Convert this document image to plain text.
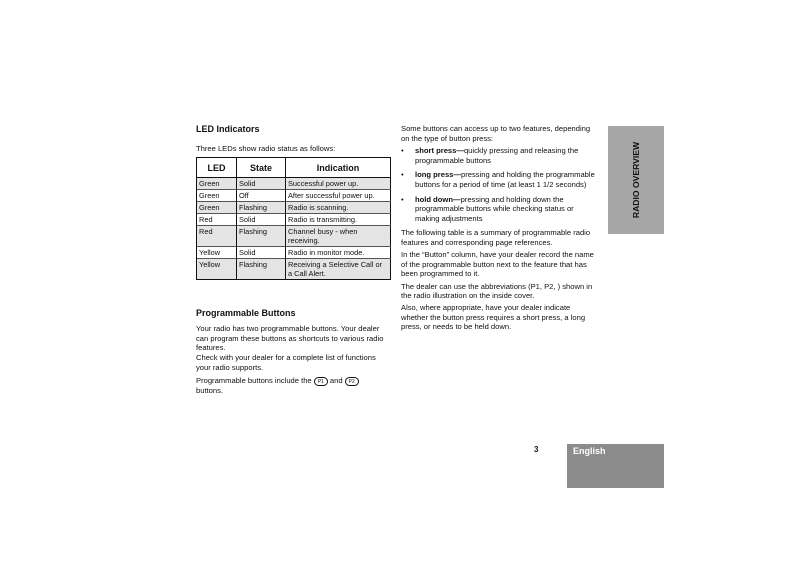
LED Indicators

Three LEDs show radio status as follows:

LED	State	Indication
Green	Solid	Successful power up.
Green	Off	After successful power up.
Green	Flashing	Radio is scanning.
Red	Solid	Radio is transmitting.
Red	Flashing	Channel busy - when receiving.
Yellow	Solid	Radio in monitor mode.
Yellow	Flashing	Receiving a Selective Call or a Call Alert.
Programmable Buttons

Your radio has two programmable buttons. Your dealer can program these buttons as shortcuts to various radio features.

Check with your dealer for a complete list of functions your radio supports.

Programmable buttons include the P1 and P2
buttons.

Some buttons can access up to two features, depending on the type of button press:

• short press—quickly pressing and releasing the programmable buttons
• long press—pressing and holding the programmable buttons for a period of time (at least 1 1/2 seconds)
• hold down—pressing and holding down the programmable buttons while checking status or making adjustments

The following table is a summary of programmable radio features and corresponding page references.

In the “Button” column, have your dealer record the name of the programmable button next to the feature that has been programmed to it.

The dealer can use the abbreviations (P1, P2, ) shown in the radio illustration on the inside cover.

Also, where appropriate, have your dealer indicate whether the button press requires a short press, a long press, or needs to be held down.

RADIO OVERVIEW
3	English
